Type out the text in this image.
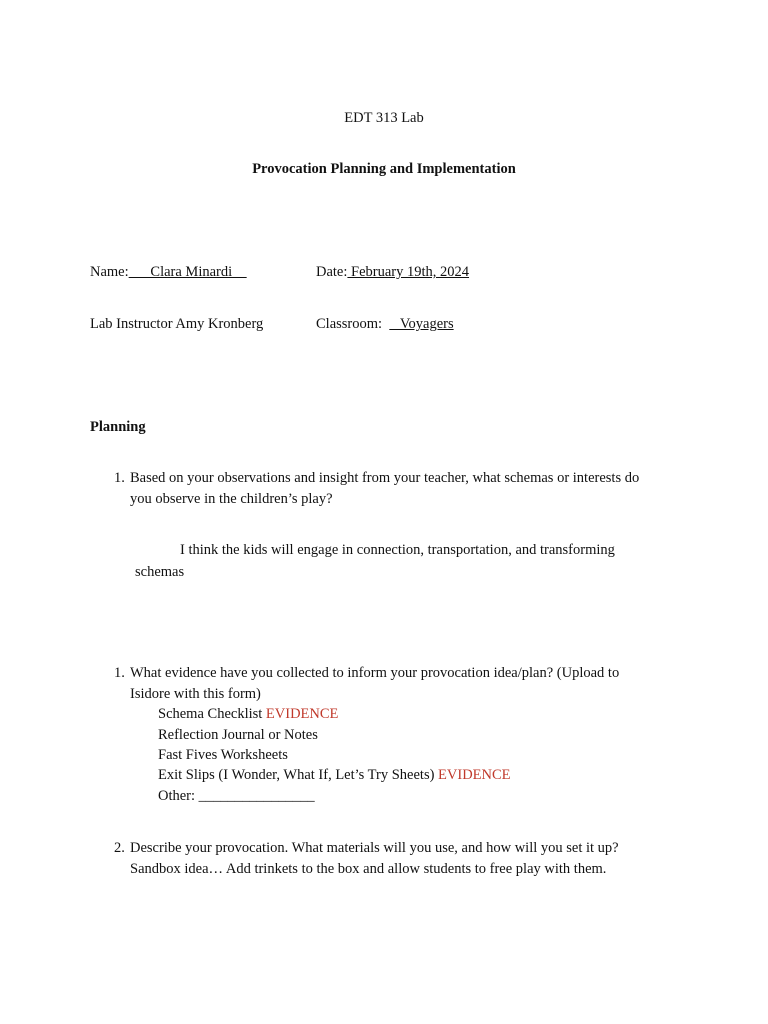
EDT 313 Lab
Provocation Planning and Implementation
Name:      Clara Minardi	Date: February 19th, 2024
Lab Instructor Amy Kronberg	Classroom:     Voyagers
Planning
1. Based on your observations and insight from your teacher, what schemas or interests do
you observe in the children’s play?
I think the kids will engage in connection, transportation, and transforming
schemas
1. What evidence have you collected to inform your provocation idea/plan? (Upload to
Isidore with this form)
Schema Checklist EVIDENCE
Reflection Journal or Notes
Fast Fives Worksheets
Exit Slips (I Wonder, What If, Let’s Try Sheets) EVIDENCE
Other: ________________
2. Describe your provocation. What materials will you use, and how will you set it up?
Sandbox idea… Add trinkets to the box and allow students to free play with them.
